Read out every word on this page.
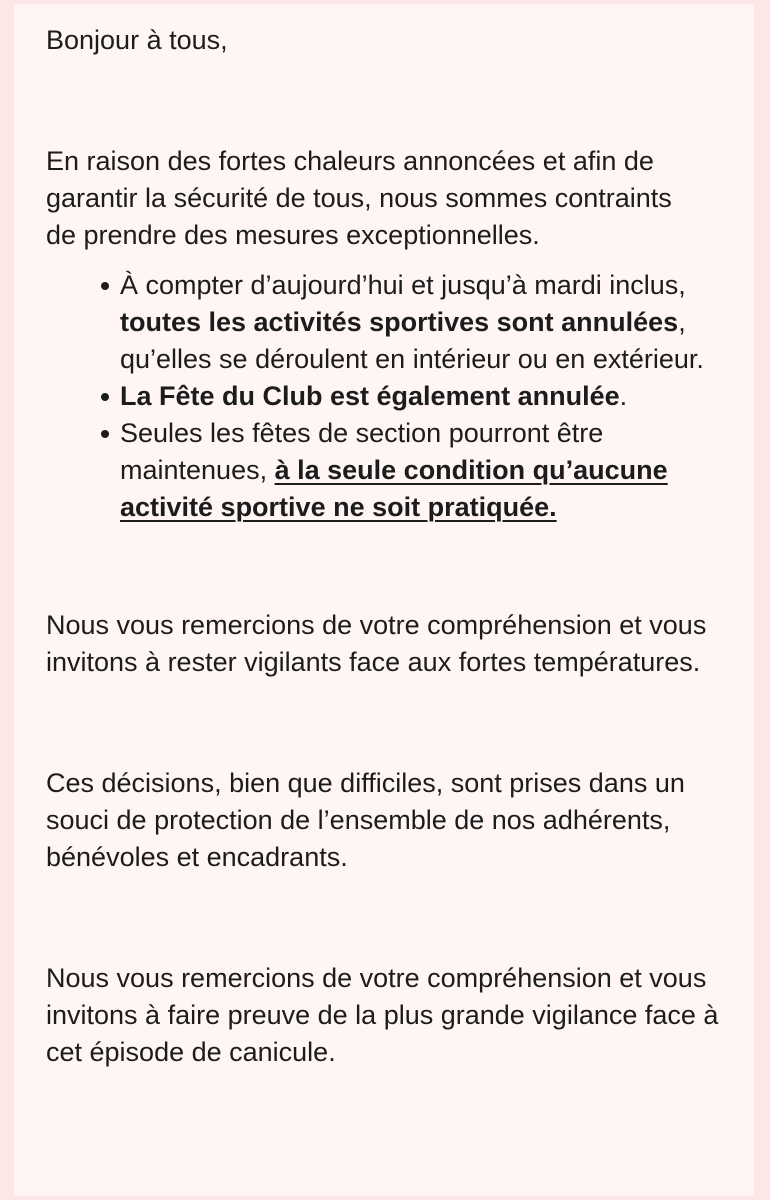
Bonjour à tous,

En raison des fortes chaleurs annoncées et afin de garantir la sécurité de tous, nous sommes contraints de prendre des mesures exceptionnelles.

À compter d’aujourd’hui et jusqu’à mardi inclus, toutes les activités sportives sont annulées, qu’elles se déroulent en intérieur ou en extérieur.
La Fête du Club est également annulée.
Seules les fêtes de section pourront être maintenues, à la seule condition qu’aucune activité sportive ne soit pratiquée.

Nous vous remercions de votre compréhension et vous invitons à rester vigilants face aux fortes températures.

Ces décisions, bien que difficiles, sont prises dans un souci de protection de l’ensemble de nos adhérents, bénévoles et encadrants.

Nous vous remercions de votre compréhension et vous invitons à faire preuve de la plus grande vigilance face à cet épisode de canicule.
